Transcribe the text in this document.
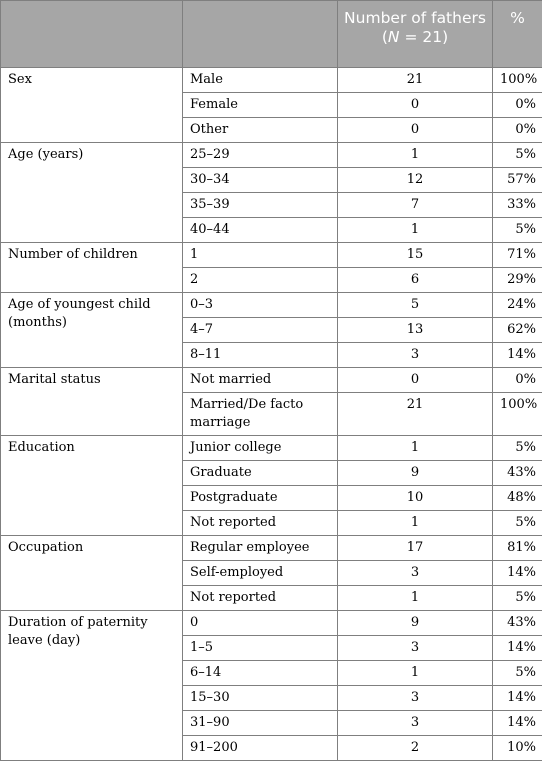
		Number of fathers (N = 21)	%
Sex	Male	21	100%
	Female	0	0%
	Other	0	0%
Age (years)	25–29	1	5%
	30–34	12	57%
	35–39	7	33%
	40–44	1	5%
Number of children	1	15	71%
	2	6	29%
Age of youngest child (months)	0–3	5	24%
	4–7	13	62%
	8–11	3	14%
Marital status	Not married	0	0%
	Married/De facto marriage	21	100%
Education	Junior college	1	5%
	Graduate	9	43%
	Postgraduate	10	48%
	Not reported	1	5%
Occupation	Regular employee	17	81%
	Self-employed	3	14%
	Not reported	1	5%
Duration of paternity leave (day)	0	9	43%
	1–5	3	14%
	6–14	1	5%
	15–30	3	14%
	31–90	3	14%
	91–200	2	10%
